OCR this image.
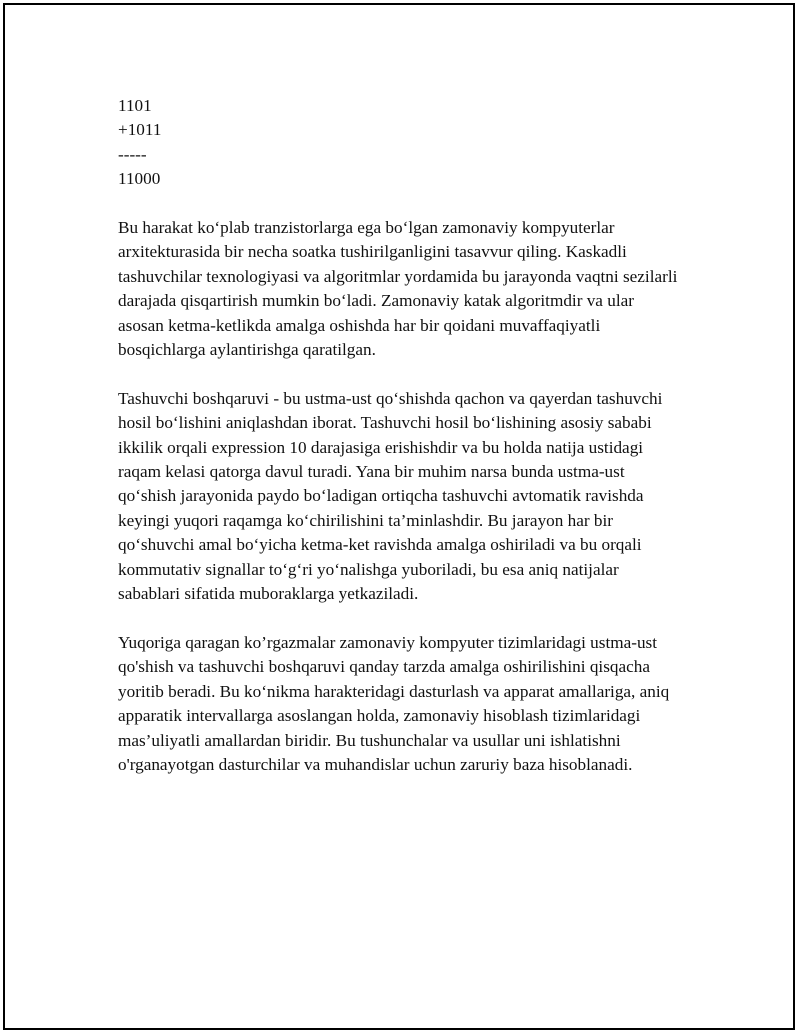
1101
+1011
-----
11000

Bu harakat ko‘plab tranzistorlarga ega bo‘lgan zamonaviy kompyuterlar arxitekturasida bir necha soatka tushirilganligini tasavvur qiling. Kaskadli tashuvchilar texnologiyasi va algoritmlar yordamida bu jarayonda vaqtni sezilarli darajada qisqartirish mumkin bo‘ladi. Zamonaviy katak algoritmdir va ular asosan ketma-ketlikda amalga oshishda har bir qoidani muvaffaqiyatli bosqichlarga aylantirishga qaratilgan.

Tashuvchi boshqaruvi - bu ustma-ust qo‘shishda qachon va qayerdan tashuvchi hosil bo‘lishini aniqlashdan iborat. Tashuvchi hosil bo‘lishining asosiy sababi ikkilik orqali expression 10 darajasiga erishishdir va bu holda natija ustidagi raqam kelasi qatorga davul turadi. Yana bir muhim narsa bunda ustma-ust qo‘shish jarayonida paydo bo‘ladigan ortiqcha tashuvchi avtomatik ravishda keyingi yuqori raqamga ko‘chirilishini ta’minlashdir. Bu jarayon har bir qo‘shuvchi amal bo‘yicha ketma-ket ravishda amalga oshiriladi va bu orqali kommutativ signallar to‘g‘ri yo‘nalishga yuboriladi, bu esa aniq natijalar sabablari sifatida muboraklarga yetkaziladi.

Yuqoriga qaragan ko’rgazmalar zamonaviy kompyuter tizimlaridagi ustma-ust qo'shish va tashuvchi boshqaruvi qanday tarzda amalga oshirilishini qisqacha yoritib beradi. Bu ko‘nikma harakteridagi dasturlash va apparat amallariga, aniq apparatik intervallarga asoslangan holda, zamonaviy hisoblash tizimlaridagi mas’uliyatli amallardan biridir. Bu tushunchalar va usullar uni ishlatishni o'rganayotgan dasturchilar va muhandislar uchun zaruriy baza hisoblanadi.
